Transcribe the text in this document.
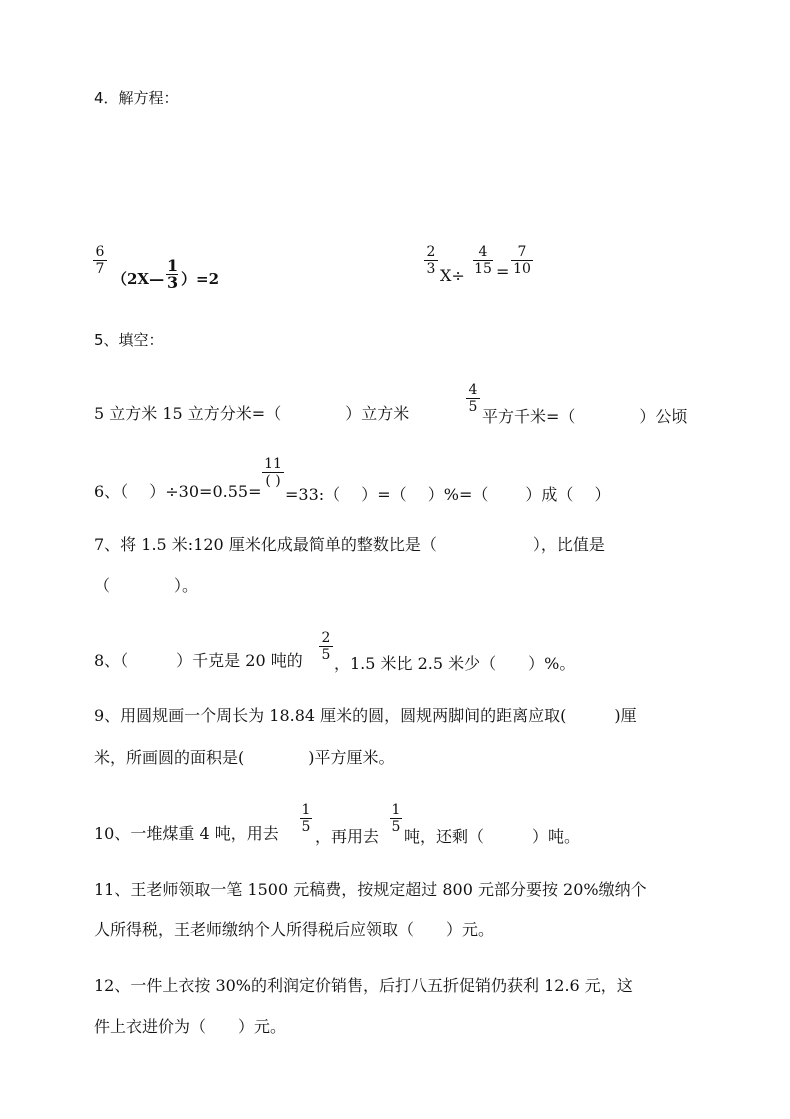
4．解方程：
$\frac{6}{7}$
（2X— $\frac{1}{3} )=2$
$\frac{2}{3} X\div \frac{4}{15} = \frac{7}{10}$
5、填空：
5 立方米 15 立方分米=（　　　　）立方米	$\frac{4}{5}$
平方千米=（　　　　）公顷
6、（　 ）÷30=0.55=
11
( )
=33:（　 ）=（　 ）%=（　　 ）成（　 ）
7、将 1.5 米:120 厘米化成最简单的整数比是（　　　　　　），比值是
（　　　　）。
8、（　　　）千克是 20 吨的 $\frac{2}{5}$
，1.5 米比 2.5 米少（　　）%。
9、用圆规画一个周长为 18.84 厘米的圆，圆规两脚间的距离应取(　　　)厘
米，所画圆的面积是(　　　　)平方厘米。
10、一堆煤重 4 吨，用去 $\frac{1}{5}$
，再用去
$\frac{1}{5}$
吨，还剩（　　　）吨。
11、王老师领取一笔 1500 元稿费，按规定超过 800 元部分要按 20%缴纳个
人所得税，王老师缴纳个人所得税后应领取（　　）元。
12、一件上衣按 30%的利润定价销售，后打八五折促销仍获利 12.6 元，这
件上衣进价为（　　）元。
